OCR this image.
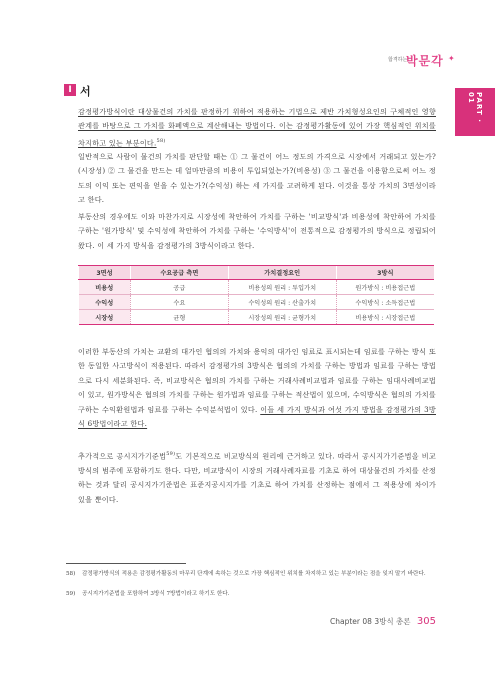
합격하는
박문각 ✦
PART · 01
I 서

감정평가방식이란 대상물건의 가치를 판정하기 위하여 적용하는 기법으로 제반 가치형성요인의 구체적인 영향관계를 바탕으로 그 가치를 화폐액으로 계산해내는 방법이다. 이는 감정평가활동에 있어 가장 핵심적인 위치를 차지하고 있는 부분이다.$^{58)}$

일반적으로 사람이 물건의 가치를 판단할 때는 ① 그 물건이 어느 정도의 가격으로 시장에서 거래되고 있는가?(시장성) ② 그 물건을 만드는 데 얼마만큼의 비용이 투입되었는가?(비용성) ③ 그 물건을 이용함으로써 어느 정도의 이익 또는 편익을 얻을 수 있는가?(수익성) 하는 세 가지를 고려하게 된다. 이것을 통상 가치의 3면성이라고 한다.

부동산의 경우에도 이와 마찬가지로 시장성에 착안하여 가치를 구하는 '비교방식'과 비용성에 착안하여 가치를 구하는 '원가방식' 및 수익성에 착안하여 가치를 구하는 '수익방식'이 전통적으로 감정평가의 방식으로 정립되어 왔다. 이 세 가지 방식을 감정평가의 3방식이라고 한다.

3면성	수요공급 측면	가치결정요인	3방식
비용성	공급	비용성의 원리 : 투입가치	원가방식 : 비용접근법
수익성	수요	수익성의 원리 : 산출가치	수익방식 : 소득접근법
시장성	균형	시장성의 원리 : 균형가치	비용방식 : 시장접근법

이러한 부동산의 가치는 교환의 대가인 협의의 가치와 용익의 대가인 임료로 표시되는데 임료를 구하는 방식 또한 동일한 사고방식이 적용된다. 따라서 감정평가의 3방식은 협의의 가치를 구하는 방법과 임료를 구하는 방법으로 다시 세분화된다. 즉, 비교방식은 협의의 가치를 구하는 거래사례비교법과 임료를 구하는 임대사례비교법이 있고, 원가방식은 협의의 가치를 구하는 원가법과 임료를 구하는 적산법이 있으며, 수익방식은 협의의 가치를 구하는 수익환원법과 임료를 구하는 수익분석법이 있다. 이들 세 가지 방식과 여섯 가지 방법을 감정평가의 3방식 6방법이라고 한다.

추가적으로 공시지가기준법$^{59)}$도 기본적으로 비교방식의 원리에 근거하고 있다. 따라서 공시지가기준법을 비교방식의 범주에 포함하기도 한다. 다만, 비교방식이 시장의 거래사례자료를 기초로 하여 대상물건의 가치를 산정하는 것과 달리 공시지가기준법은 표준지공시지가를 기초로 하여 가치를 산정하는 점에서 그 적용상에 차이가 있을 뿐이다.

58) 감정평가방식의 적용은 감정평가활동의 마무리 단계에 속하는 것으로 가장 핵심적인 위치를 차지하고 있는 부분이라는 점을 잊지 말기 바란다.
59) 공시지가기준법을 포함하여 3방식 7방법이라고 하기도 한다.
Chapter 08 3방식 총론 305
